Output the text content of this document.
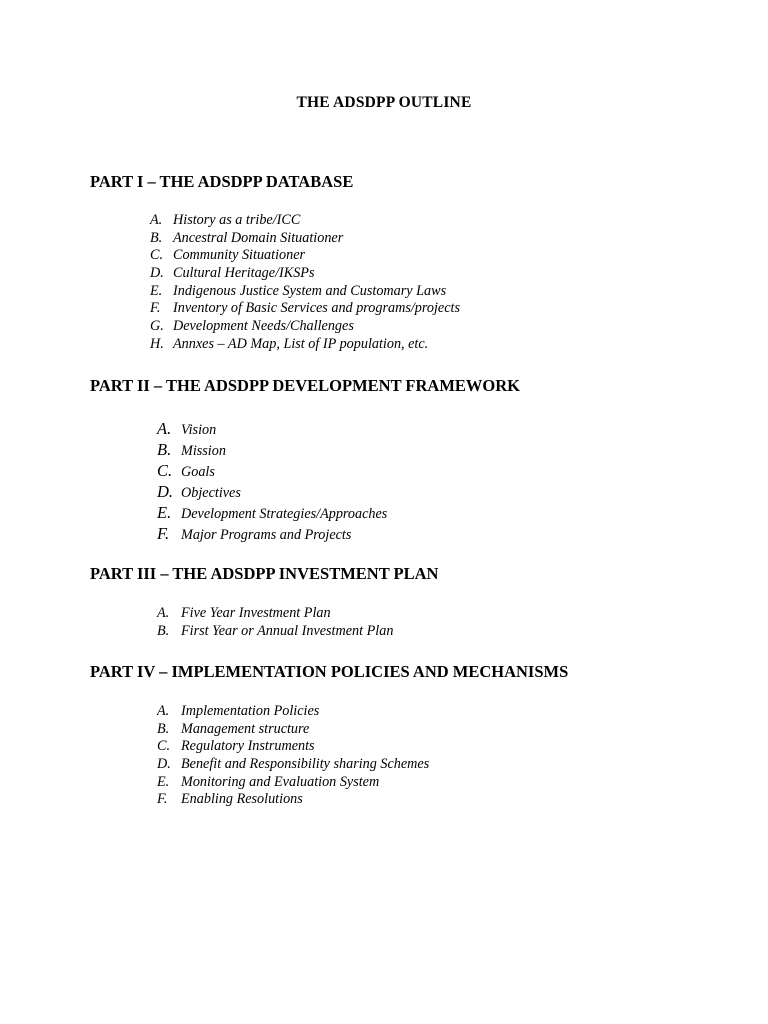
THE ADSDPP OUTLINE
PART I – THE ADSDPP DATABASE
A. History as a tribe/ICC
B. Ancestral Domain Situationer
C. Community Situationer
D. Cultural Heritage/IKSPs
E. Indigenous Justice System and Customary Laws
F. Inventory of Basic Services and programs/projects
G. Development Needs/Challenges
H. Annxes – AD Map, List of IP population, etc.
PART II – THE ADSDPP DEVELOPMENT FRAMEWORK
A. Vision
B. Mission
C. Goals
D. Objectives
E. Development Strategies/Approaches
F. Major Programs and Projects
PART III – THE ADSDPP INVESTMENT PLAN
A. Five Year Investment Plan
B. First Year or Annual Investment Plan
PART IV – IMPLEMENTATION POLICIES AND MECHANISMS
A. Implementation Policies
B. Management structure
C. Regulatory Instruments
D. Benefit and Responsibility sharing Schemes
E. Monitoring and Evaluation System
F. Enabling Resolutions
